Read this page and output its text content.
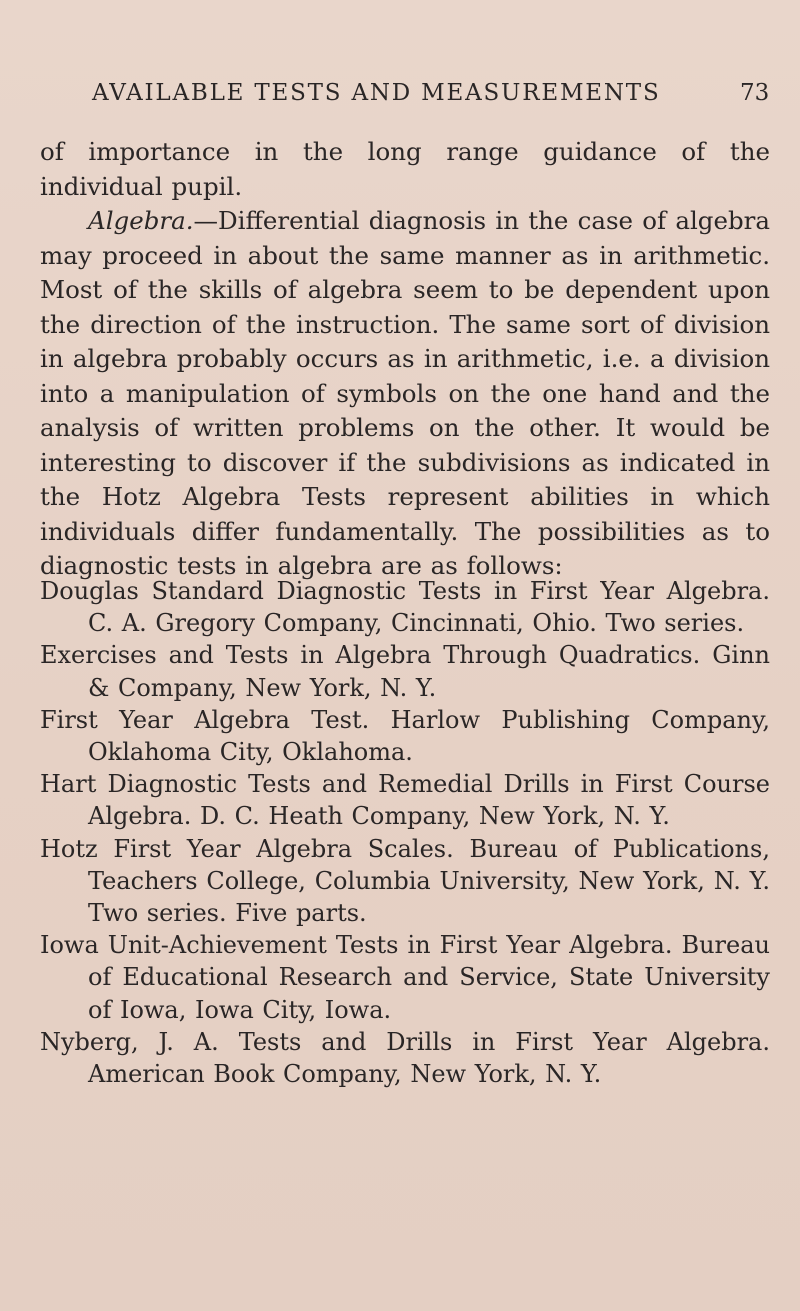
AVAILABLE TESTS AND MEASUREMENTS	73

of importance in the long range guidance of the individual pupil.

Algebra.—Differential diagnosis in the case of algebra may proceed in about the same manner as in arithmetic. Most of the skills of algebra seem to be dependent upon the direction of the instruction. The same sort of division in algebra probably occurs as in arithmetic, i.e. a division into a manipulation of symbols on the one hand and the analysis of written problems on the other. It would be interesting to discover if the subdivisions as indicated in the Hotz Algebra Tests represent abilities in which individuals differ fundamentally. The possibilities as to diagnostic tests in algebra are as follows:

Douglas Standard Diagnostic Tests in First Year Algebra. C. A. Gregory Company, Cincinnati, Ohio. Two series.
Exercises and Tests in Algebra Through Quadratics. Ginn & Company, New York, N. Y.
First Year Algebra Test. Harlow Publishing Company, Oklahoma City, Oklahoma.
Hart Diagnostic Tests and Remedial Drills in First Course Algebra. D. C. Heath Company, New York, N. Y.
Hotz First Year Algebra Scales. Bureau of Publications, Teachers College, Columbia University, New York, N. Y. Two series. Five parts.
Iowa Unit-Achievement Tests in First Year Algebra. Bureau of Educational Research and Service, State University of Iowa, Iowa City, Iowa.
Nyberg, J. A. Tests and Drills in First Year Algebra. American Book Company, New York, N. Y.
